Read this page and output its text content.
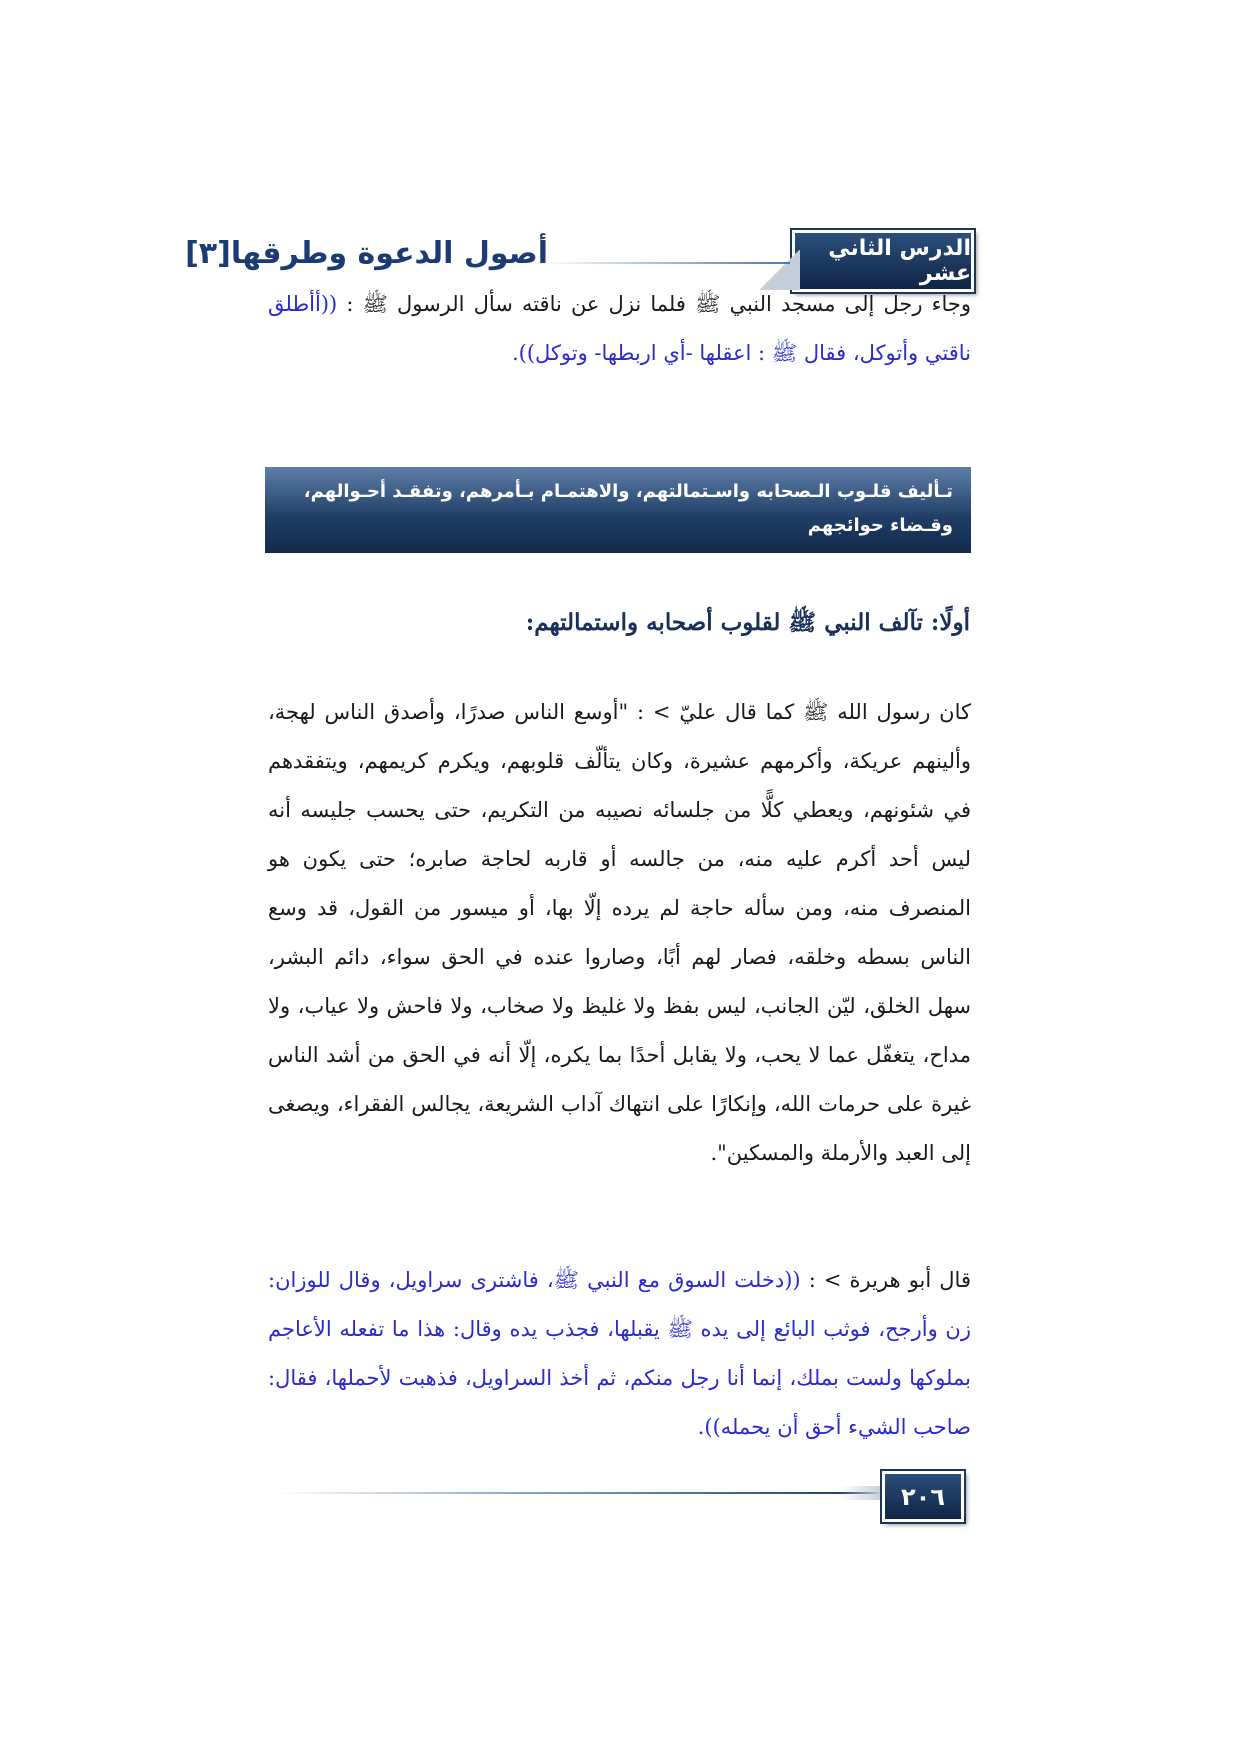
الدرس الثاني عشر
أصول الدعوة وطرقها[٣]
وجاء رجل إلى مسجد النبي ﷺ فلما نزل عن ناقته سأل الرسول ﷺ : ((أأطلق ناقتي وأتوكل، فقال ﷺ : اعقلها -أي اربطها- وتوكل)).
تـأليف قلـوب الـصحابه واسـتمالتهم، والاهتمـام بـأمرهم، وتفقـد أحـوالهم، وقـضاء حوائجهم
أولًا: تآلف النبي ﷺ لقلوب أصحابه واستمالتهم:
كان رسول الله ﷺ كما قال عليّ > : "أوسع الناس صدرًا، وأصدق الناس لهجة، وألينهم عريكة، وأكرمهم عشيرة، وكان يتألّف قلوبهم، ويكرم كريمهم، ويتفقدهم في شئونهم، ويعطي كلًّا من جلسائه نصيبه من التكريم، حتى يحسب جليسه أنه ليس أحد أكرم عليه منه، من جالسه أو قاربه لحاجة صابره؛ حتى يكون هو المنصرف منه، ومن سأله حاجة لم يرده إلّا بها، أو ميسور من القول، قد وسع الناس بسطه وخلقه، فصار لهم أبًا، وصاروا عنده في الحق سواء، دائم البشر، سهل الخلق، ليّن الجانب، ليس بفظ ولا غليظ ولا صخاب، ولا فاحش ولا عياب، ولا مداح، يتغفّل عما لا يحب، ولا يقابل أحدًا بما يكره، إلّا أنه في الحق من أشد الناس غيرة على حرمات الله، وإنكارًا على انتهاك آداب الشريعة، يجالس الفقراء، ويصغى إلى العبد والأرملة والمسكين".
قال أبو هريرة > : ((دخلت السوق مع النبي ﷺ، فاشترى سراويل، وقال للوزان: زن وأرجح، فوثب البائع إلى يده ﷺ يقبلها، فجذب يده وقال: هذا ما تفعله الأعاجم بملوكها ولست بملك، إنما أنا رجل منكم، ثم أخذ السراويل، فذهبت لأحملها، فقال: صاحب الشيء أحق أن يحمله)).
٢٠٦
